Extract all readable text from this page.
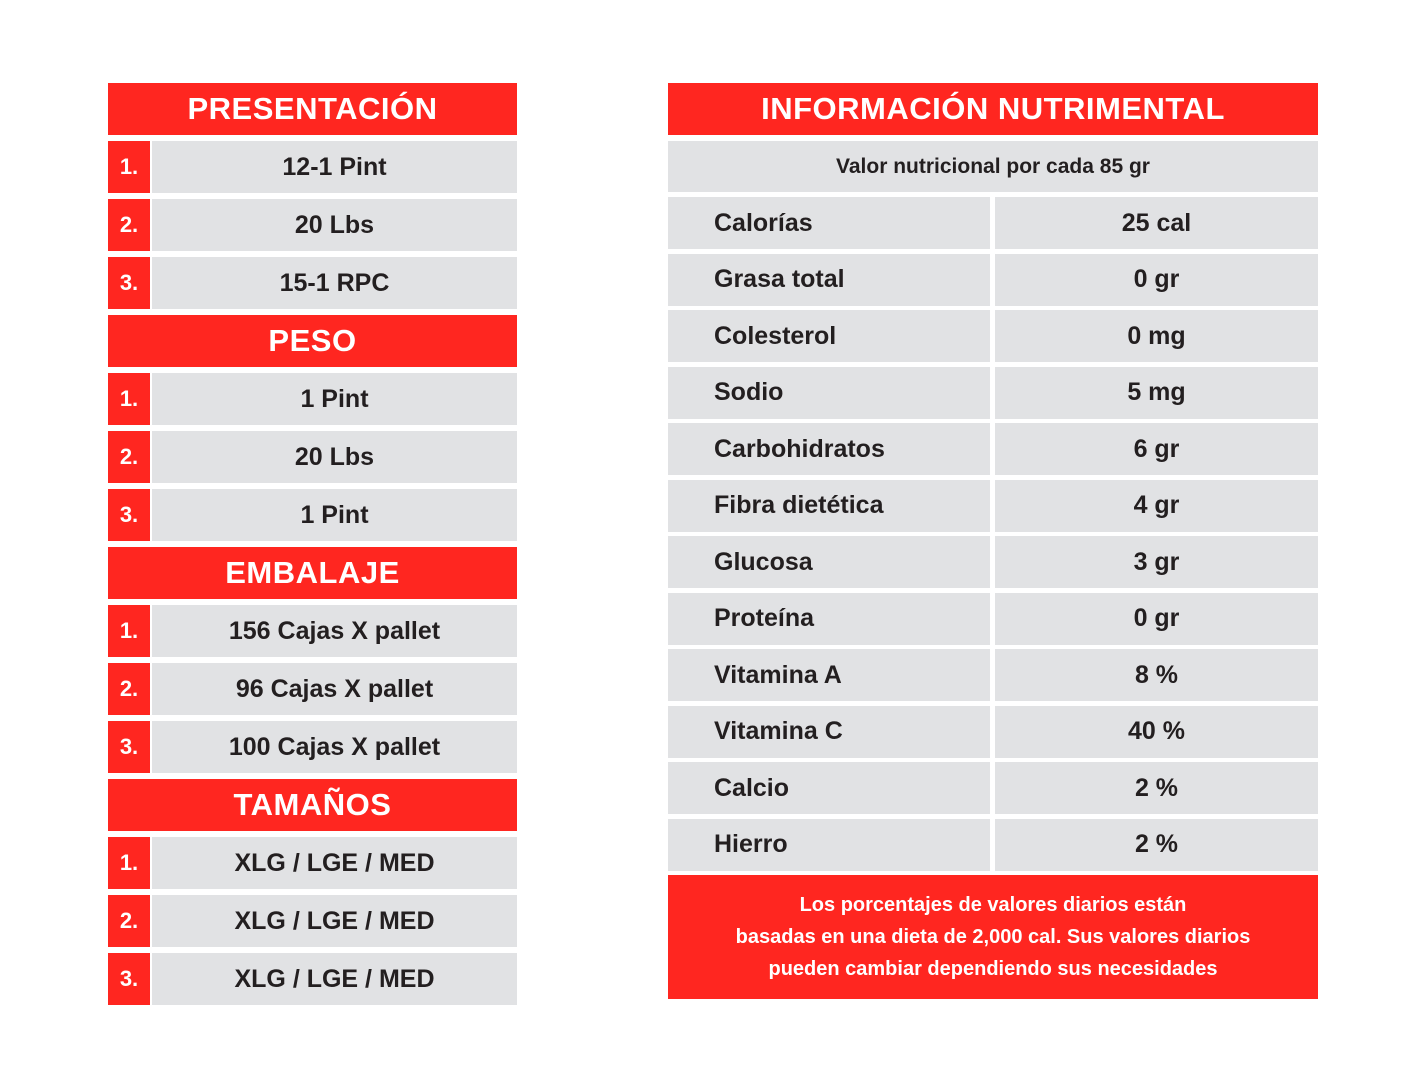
PRESENTACIÓN
1.	12-1 Pint
2.	20 Lbs
3.	15-1 RPC
PESO
1.	1 Pint
2.	20 Lbs
3.	1 Pint
EMBALAJE
1.	156 Cajas X pallet
2.	96 Cajas X pallet
3.	100 Cajas X pallet
TAMAÑOS
1.	XLG / LGE / MED
2.	XLG / LGE / MED
3.	XLG / LGE / MED
INFORMACIÓN NUTRIMENTAL
Valor nutricional por cada 85 gr
Calorías	25 cal
Grasa total	0 gr
Colesterol	0 mg
Sodio	5 mg
Carbohidratos	6 gr
Fibra dietética	4 gr
Glucosa	3 gr
Proteína	0 gr
Vitamina A	8 %
Vitamina C	40 %
Calcio	2 %
Hierro	2 %
Los porcentajes de valores diarios están
basadas en una dieta de 2,000 cal. Sus valores diarios
pueden cambiar dependiendo sus necesidades
